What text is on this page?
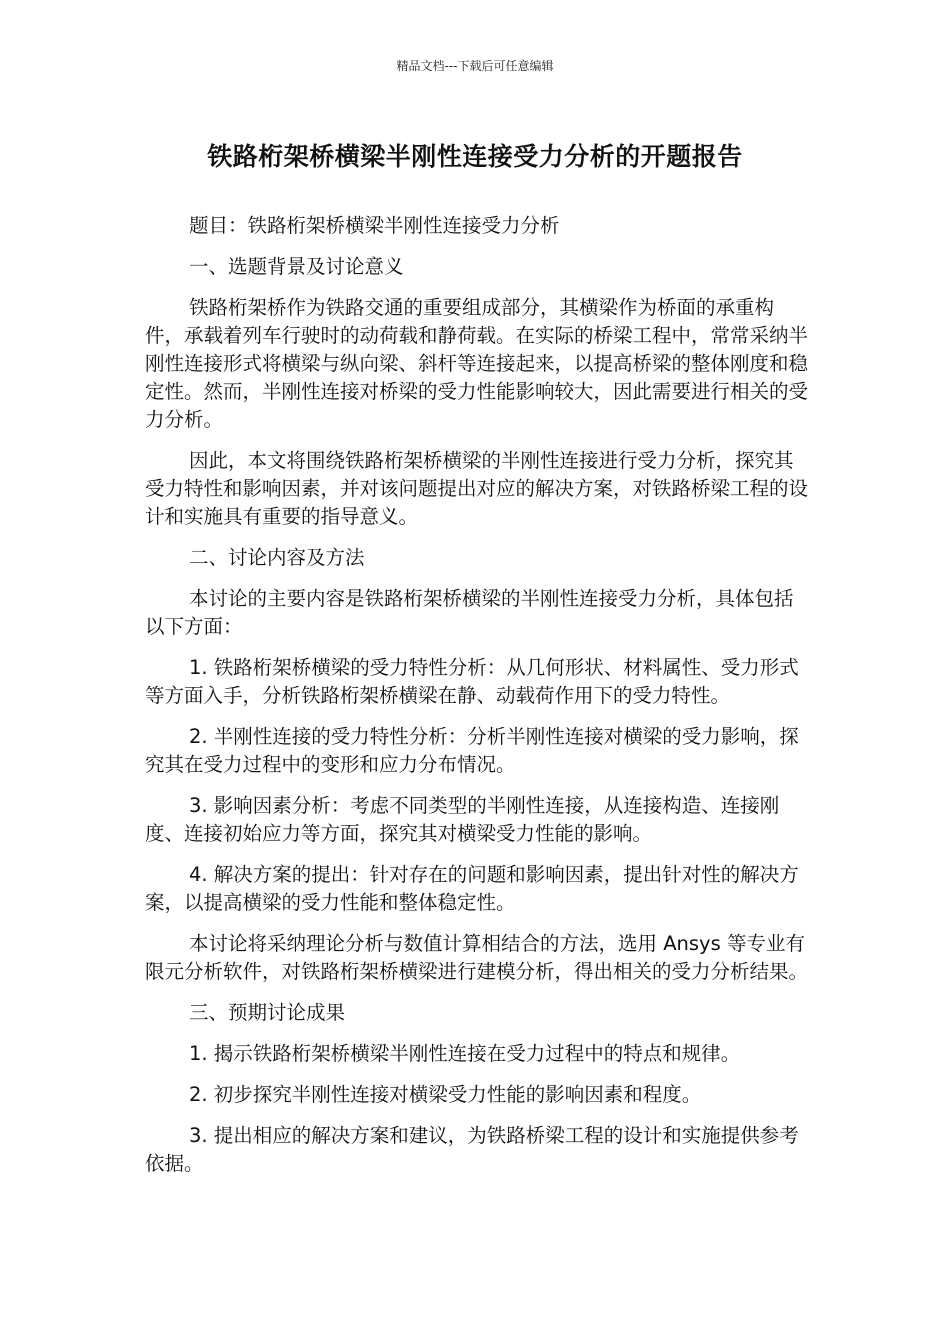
精品文档---下载后可任意编辑
铁路桁架桥横梁半刚性连接受力分析的开题报告

题目：铁路桁架桥横梁半刚性连接受力分析

一、选题背景及讨论意义

铁路桁架桥作为铁路交通的重要组成部分，其横梁作为桥面的承重构件，承载着列车行驶时的动荷载和静荷载。在实际的桥梁工程中，常常采纳半刚性连接形式将横梁与纵向梁、斜杆等连接起来，以提高桥梁的整体刚度和稳定性。然而，半刚性连接对桥梁的受力性能影响较大，因此需要进行相关的受力分析。

因此，本文将围绕铁路桁架桥横梁的半刚性连接进行受力分析，探究其受力特性和影响因素，并对该问题提出对应的解决方案，对铁路桥梁工程的设计和实施具有重要的指导意义。

二、讨论内容及方法

本讨论的主要内容是铁路桁架桥横梁的半刚性连接受力分析，具体包括以下方面：

1. 铁路桁架桥横梁的受力特性分析：从几何形状、材料属性、受力形式等方面入手，分析铁路桁架桥横梁在静、动载荷作用下的受力特性。

2. 半刚性连接的受力特性分析：分析半刚性连接对横梁的受力影响，探究其在受力过程中的变形和应力分布情况。

3. 影响因素分析：考虑不同类型的半刚性连接，从连接构造、连接刚度、连接初始应力等方面，探究其对横梁受力性能的影响。

4. 解决方案的提出：针对存在的问题和影响因素，提出针对性的解决方案，以提高横梁的受力性能和整体稳定性。

本讨论将采纳理论分析与数值计算相结合的方法，选用 Ansys 等专业有限元分析软件，对铁路桁架桥横梁进行建模分析，得出相关的受力分析结果。

三、预期讨论成果

1. 揭示铁路桁架桥横梁半刚性连接在受力过程中的特点和规律。

2. 初步探究半刚性连接对横梁受力性能的影响因素和程度。

3. 提出相应的解决方案和建议，为铁路桥梁工程的设计和实施提供参考依据。
